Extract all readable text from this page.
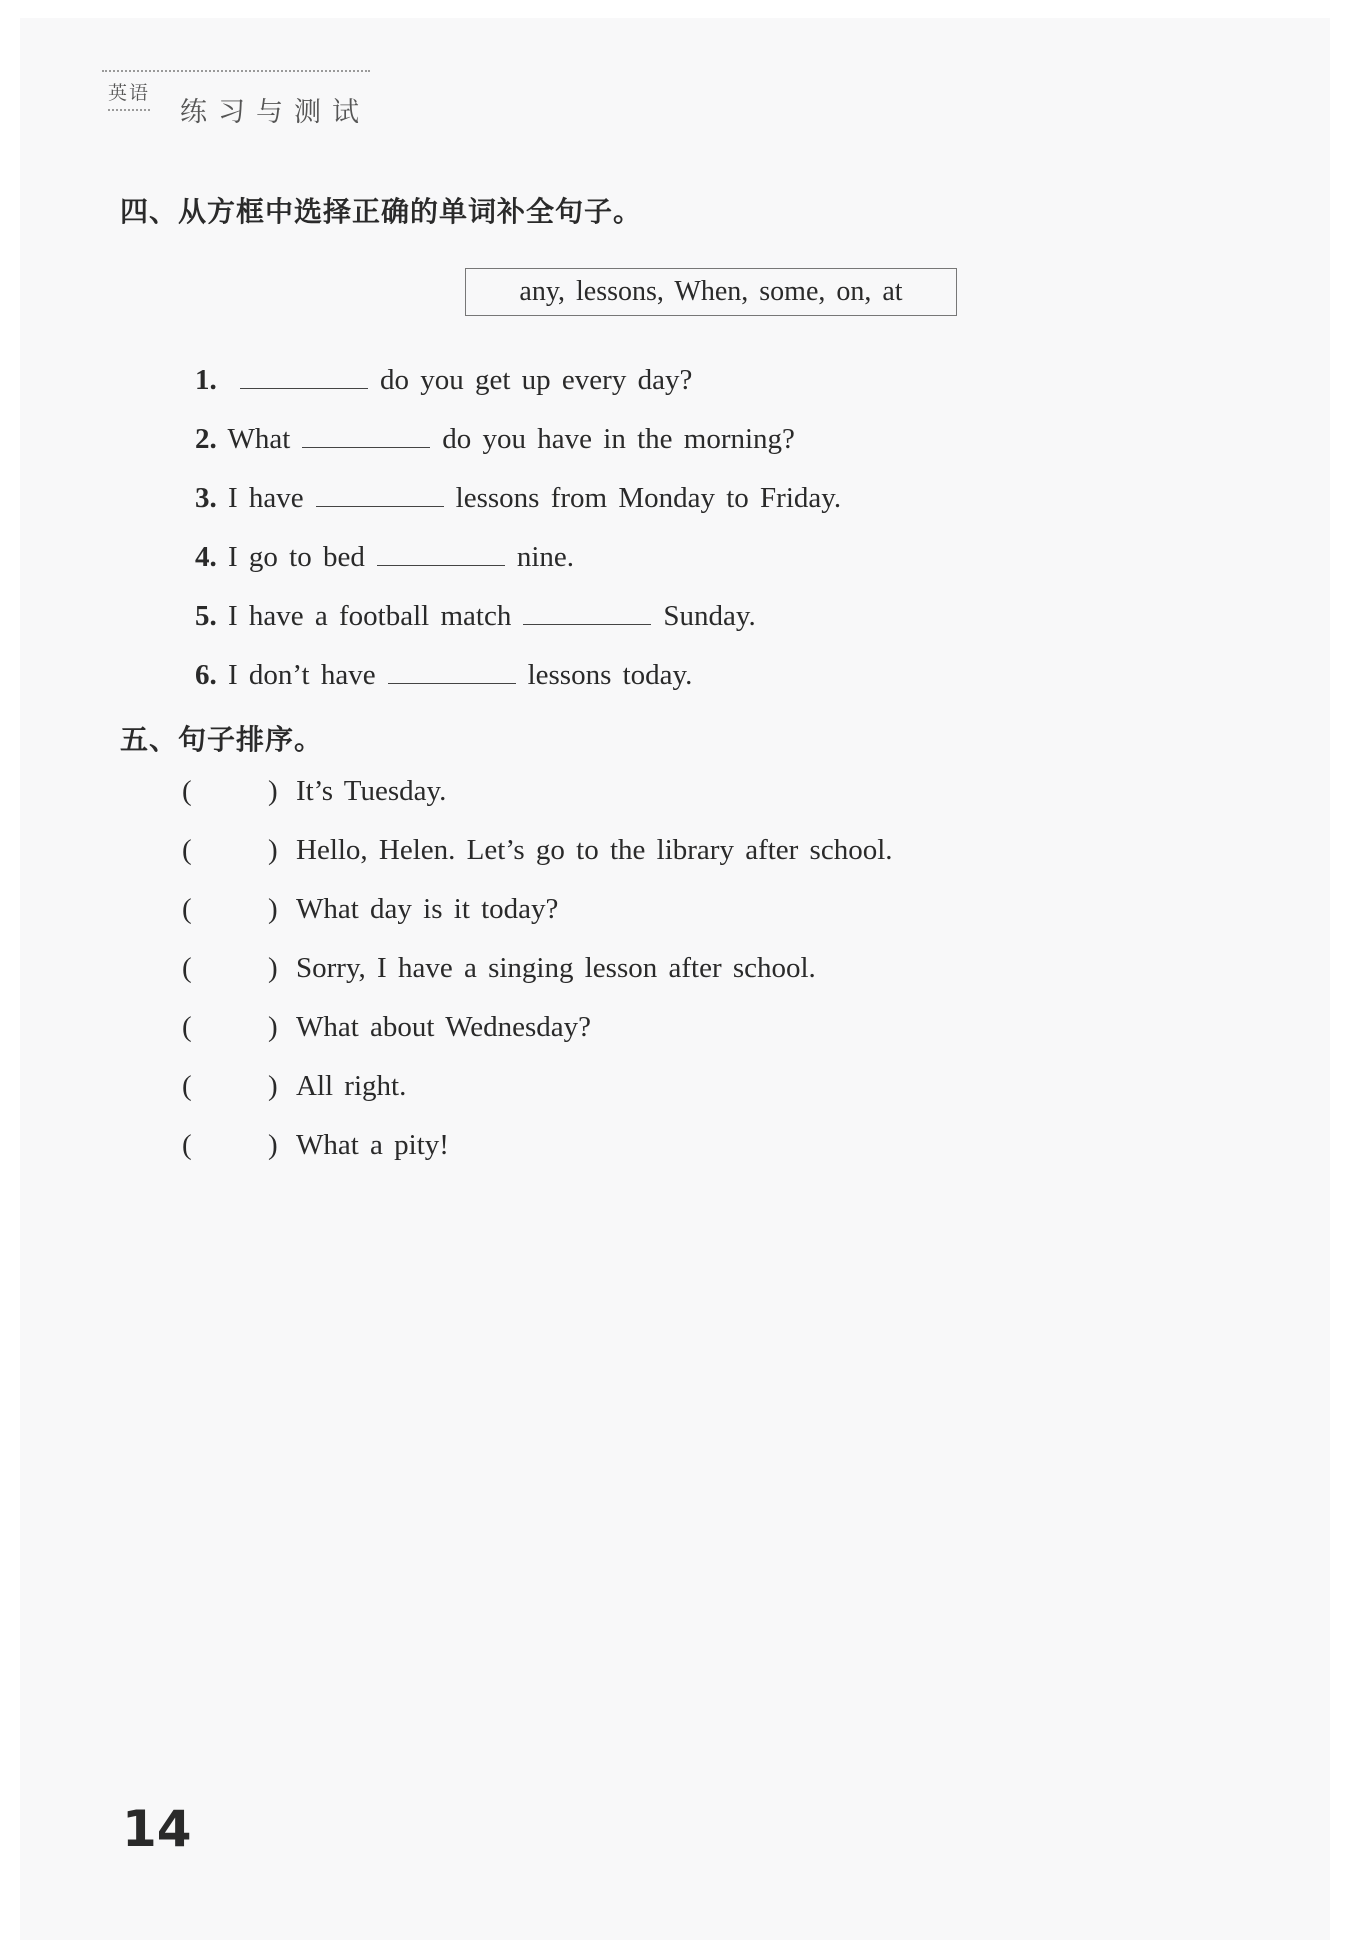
英语
练习与测试
四、从方框中选择正确的单词补全句子。
any, lessons, When, some, on, at
1.	do you get up every day?
2. What	do you have in the morning?
3. I have	lessons from Monday to Friday.
4. I go to bed	nine.
5. I have a football match	Sunday.
6. I don’t have	lessons today.
五、句子排序。
(	) It’s Tuesday.
(	) Hello, Helen. Let’s go to the library after school.
(	) What day is it today?
(	) Sorry, I have a singing lesson after school.
(	) What about Wednesday?
(	) All right.
(	) What a pity!
14
